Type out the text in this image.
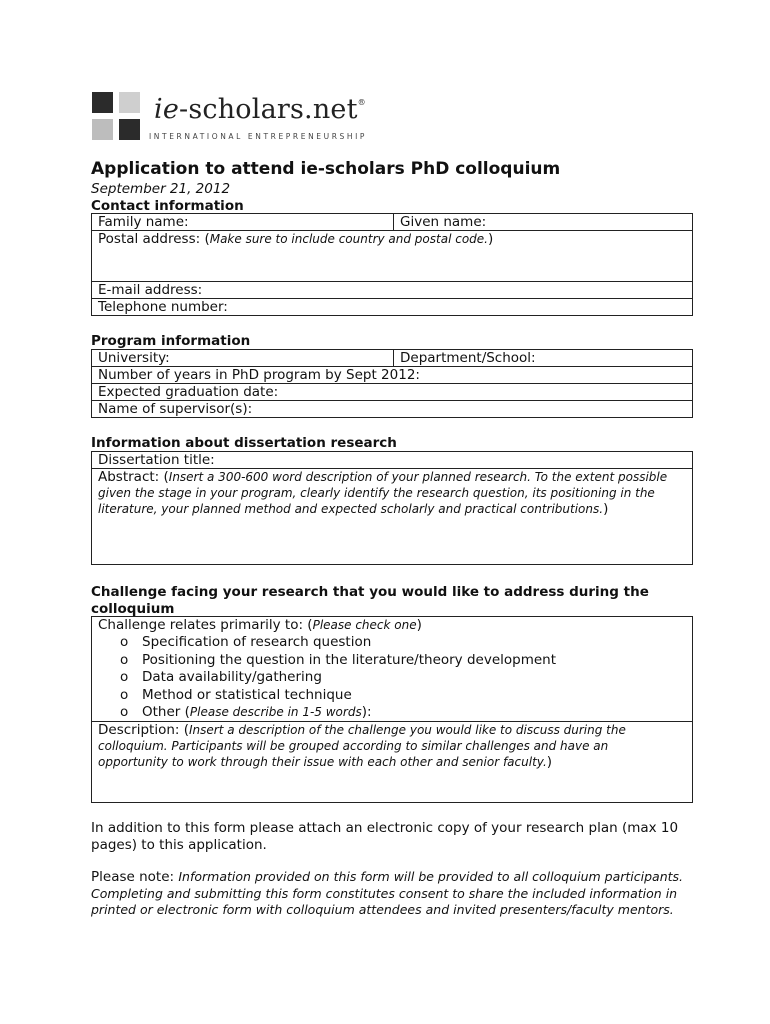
ie-scholars.net®
INTERNATIONAL ENTREPRENEURSHIP
Application to attend ie-scholars PhD colloquium
September 21, 2012
Contact information
Family name:	Given name:
Postal address: (Make sure to include country and postal code.)
E-mail address:
Telephone number:
Program information
University:	Department/School:
Number of years in PhD program by Sept 2012:
Expected graduation date:
Name of supervisor(s):
Information about dissertation research
Dissertation title:
Abstract: (Insert a 300-600 word description of your planned research. To the extent possible given the stage in your program, clearly identify the research question, its positioning in the literature, your planned method and expected scholarly and practical contributions.)
Challenge facing your research that you would like to address during the
colloquium
Challenge relates primarily to: (Please check one)
o Specification of research question
o Positioning the question in the literature/theory development
o Data availability/gathering
o Method or statistical technique
o Other (Please describe in 1-5 words):

Description: (Insert a description of the challenge you would like to discuss during the colloquium. Participants will be grouped according to similar challenges and have an opportunity to work through their issue with each other and senior faculty.)
In addition to this form please attach an electronic copy of your research plan (max 10 pages) to this application.
Please note: Information provided on this form will be provided to all colloquium participants. Completing and submitting this form constitutes consent to share the included information in printed or electronic form with colloquium attendees and invited presenters/faculty mentors.
